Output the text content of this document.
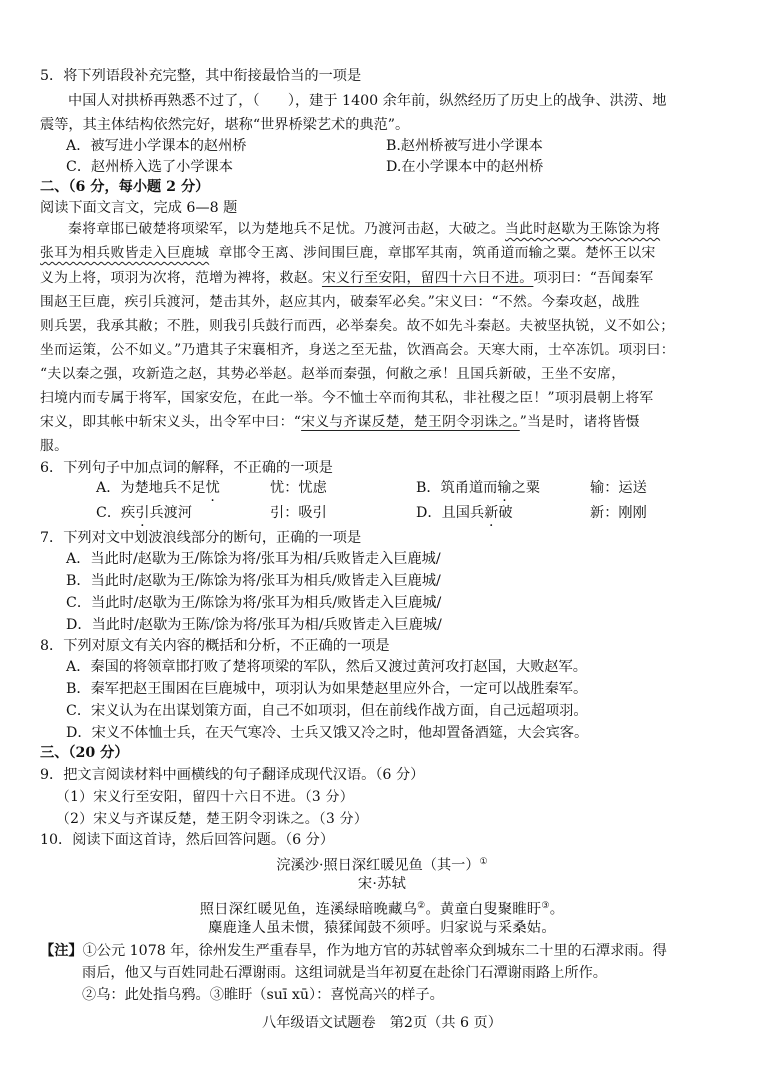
5．将下列语段补充完整，其中衔接最恰当的一项是
中国人对拱桥再熟悉不过了，（　　），建于 1400 余年前，纵然经历了历史上的战争、洪涝、地
震等，其主体结构依然完好，堪称“世界桥梁艺术的典范”。
A．被写进小学课本的赵州桥	B.赵州桥被写进小学课本
C．赵州桥入选了小学课本	D.在小学课本中的赵州桥
二、（6 分，每小题 2 分）
阅读下面文言文，完成 6—8 题
秦将章邯已破楚将项梁军，以为楚地兵不足忧。乃渡河击赵，大破之。当此时赵歇为王陈馀为将
张耳为相兵败皆走入巨鹿城 章邯令王离、涉间围巨鹿，章邯军其南，筑甬道而输之粟。楚怀王以宋
义为上将，项羽为次将，范增为裨将，救赵。宋义行至安阳，留四十六日不进。项羽曰：“吾闻秦军
围赵王巨鹿，疾引兵渡河，楚击其外，赵应其内，破秦军必矣。”宋义曰：“不然。今秦攻赵，战胜
则兵罢，我承其敝；不胜，则我引兵鼓行而西，必举秦矣。故不如先斗秦赵。夫被坚执锐，义不如公；
坐而运策，公不如义。”乃遣其子宋襄相齐，身送之至无盐，饮酒高会。天寒大雨，士卒冻饥。项羽曰：
“夫以秦之强，攻新造之赵，其势必举赵。赵举而秦强，何敝之承！且国兵新破，王坐不安席，
扫境内而专属于将军，国家安危，在此一举。今不恤士卒而徇其私，非社稷之臣！”项羽晨朝上将军
宋义，即其帐中斩宋义头，出令军中曰：“宋义与齐谋反楚，楚王阴令羽诛之。”当是时，诸将皆慑
服。
6．下列句子中加点词的解释，不正确的一项是
A．为楚地兵不足忧	忧：忧虑	B．筑甬道而输之粟	输：运送
C．疾引兵渡河	引：吸引	D．且国兵新破	新：刚刚
7．下列对文中划波浪线部分的断句，正确的一项是
A．当此时/赵歇为王/陈馀为将/张耳为相/兵败皆走入巨鹿城/
B．当此时/赵歇为王/陈馀为将/张耳为相兵/败皆走入巨鹿城/
C．当此时/赵歇为王/陈馀为将/张耳为相兵/败皆走入巨鹿城/
D．当此时/赵歇为王陈/馀为将/张耳为相/兵败皆走入巨鹿城/
8．下列对原文有关内容的概括和分析，不正确的一项是
A．秦国的将领章邯打败了楚将项梁的军队，然后又渡过黄河攻打赵国，大败赵军。
B．秦军把赵王围困在巨鹿城中，项羽认为如果楚赵里应外合，一定可以战胜秦军。
C．宋义认为在出谋划策方面，自己不如项羽，但在前线作战方面，自己远超项羽。
D．宋义不体恤士兵，在天气寒冷、士兵又饿又冷之时，他却置备酒筵，大会宾客。
三、（20 分）
9．把文言阅读材料中画横线的句子翻译成现代汉语。（6 分）
（1）宋义行至安阳，留四十六日不进。（3 分）
（2）宋义与齐谋反楚，楚王阴令羽诛之。（3 分）
10．阅读下面这首诗，然后回答问题。（6 分）
浣溪沙·照日深红暖见鱼（其一）①
宋·苏轼
照日深红暖见鱼，连溪绿暗晚藏乌②。黄童白叟聚睢盱③。
麋鹿逢人虽未惯，猿猱闻鼓不须呼。归家说与采桑姑。
【注】①公元 1078 年，徐州发生严重春旱，作为地方官的苏轼曾率众到城东二十里的石潭求雨。得
雨后，他又与百姓同赴石潭谢雨。这组词就是当年初夏在赴徐门石潭谢雨路上所作。
②乌：此处指乌鸦。③睢盱（suī xū）：喜悦高兴的样子。
八年级语文试题卷　第2页（共 6 页）
